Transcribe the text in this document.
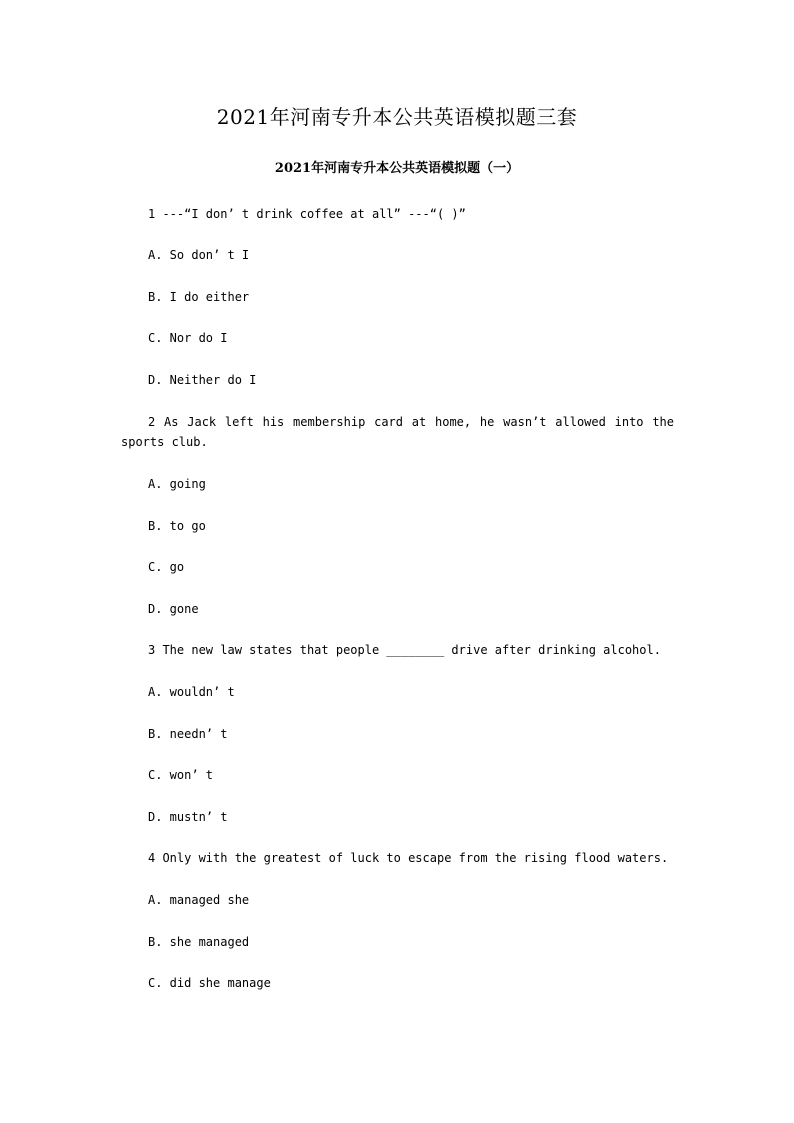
2021年河南专升本公共英语模拟题三套
2021年河南专升本公共英语模拟题（一）
1 ---“I don’ t drink coffee at all” ---“( )”
A. So don’ t I
B. I do either
C. Nor do I
D. Neither do I
2 As Jack left his membership card at home, he wasn’t allowed into the
sports club.
A. going
B. to go
C. go
D. gone
3 The new law states that people ________ drive after drinking alcohol.
A. wouldn’ t
B. needn’ t
C. won’ t
D. mustn’ t
4 Only with the greatest of luck to escape from the rising flood waters.
A. managed she
B. she managed
C. did she manage
